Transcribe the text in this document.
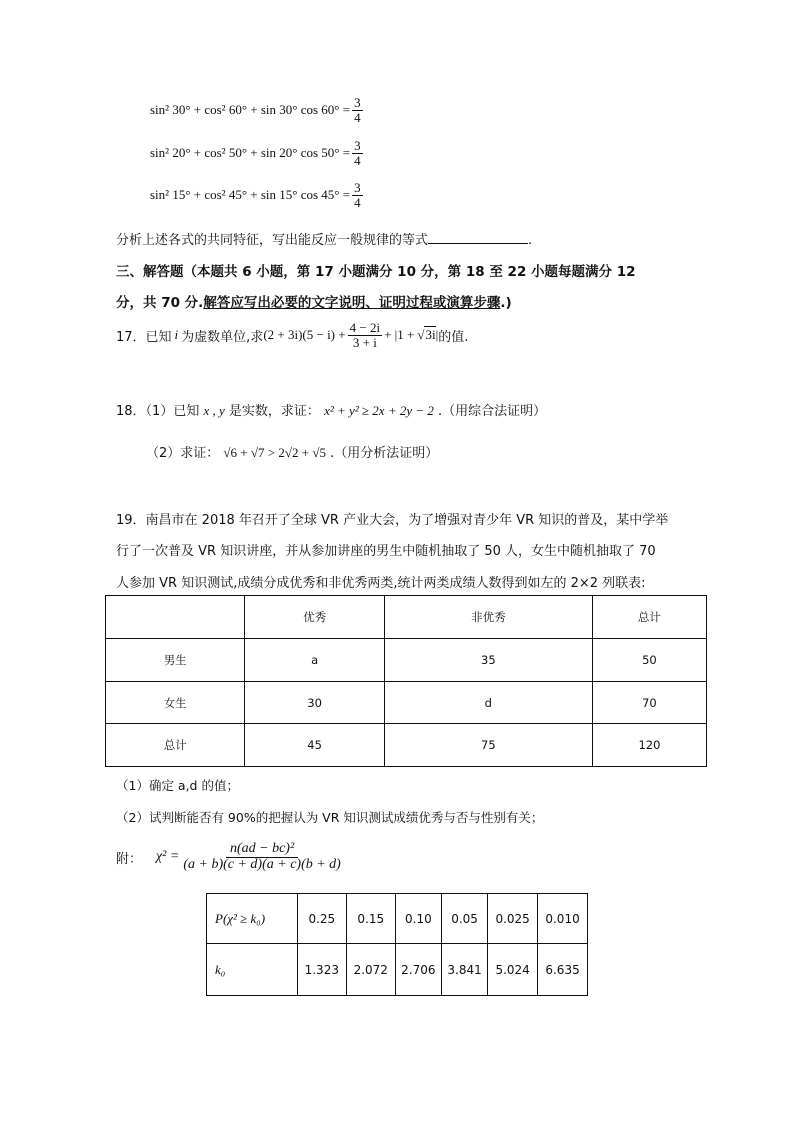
sin² 30° + cos² 60° + sin 30° $\cos 60^\circ = \frac{3}{4}$
sin² 20° + cos² 50° + sin 20° $\cos 50^\circ = \frac{3}{4}$
sin² 15° + cos² 45° + sin 15° $\cos 45^\circ = \frac{3}{4}$
分析上述各式的共同特征，写出能反应一般规律的等式	.
三、解答题（本题共 6 小题，第 17 小题满分 10 分，第 18 至 22 小题每题满分 12
分，共 70 分.解答应写出必要的文字说明、证明过程或演算步骤.)
17．已知 i 为虚数单位,求 $(2 + 3i)(5 - i) + \frac{4 - 2i}{3 + i} + |1 + √3i$ | 的值.
18．（1）已知 x , y 是实数，求证： x² + y² ≥ 2x + 2y − 2 .（用综合法证明）
（2）求证： √6 + √7 > 2√2 + √5 .（用分析法证明）
19．南昌市在 2018 年召开了全球 VR 产业大会，为了增强对青少年 VR 知识的普及，某中学举
行了一次普及 VR 知识讲座，并从参加讲座的男生中随机抽取了 50 人，女生中随机抽取了 70
人参加 VR 知识测试,成绩分成优秀和非优秀两类,统计两类成绩人数得到如左的 2×2 列联表:
	优秀	非优秀	总计
男生	a	35	50
女生	30	d	70
总计	45	75	120
（1）确定 a,d 的值；
（2）试判断能否有 90%的把握认为 VR 知识测试成绩优秀与否与性别有关；
附： $\chi^2 = \frac{\text{n(ad − bc)²}}{(a + b)(c + d)(a + c)(b + d)}$
P(χ² ≥ k₀)	0.25	0.15	0.10	0.05	0.025	0.010
k₀	1.323	2.072	2.706	3.841	5.024	6.635
